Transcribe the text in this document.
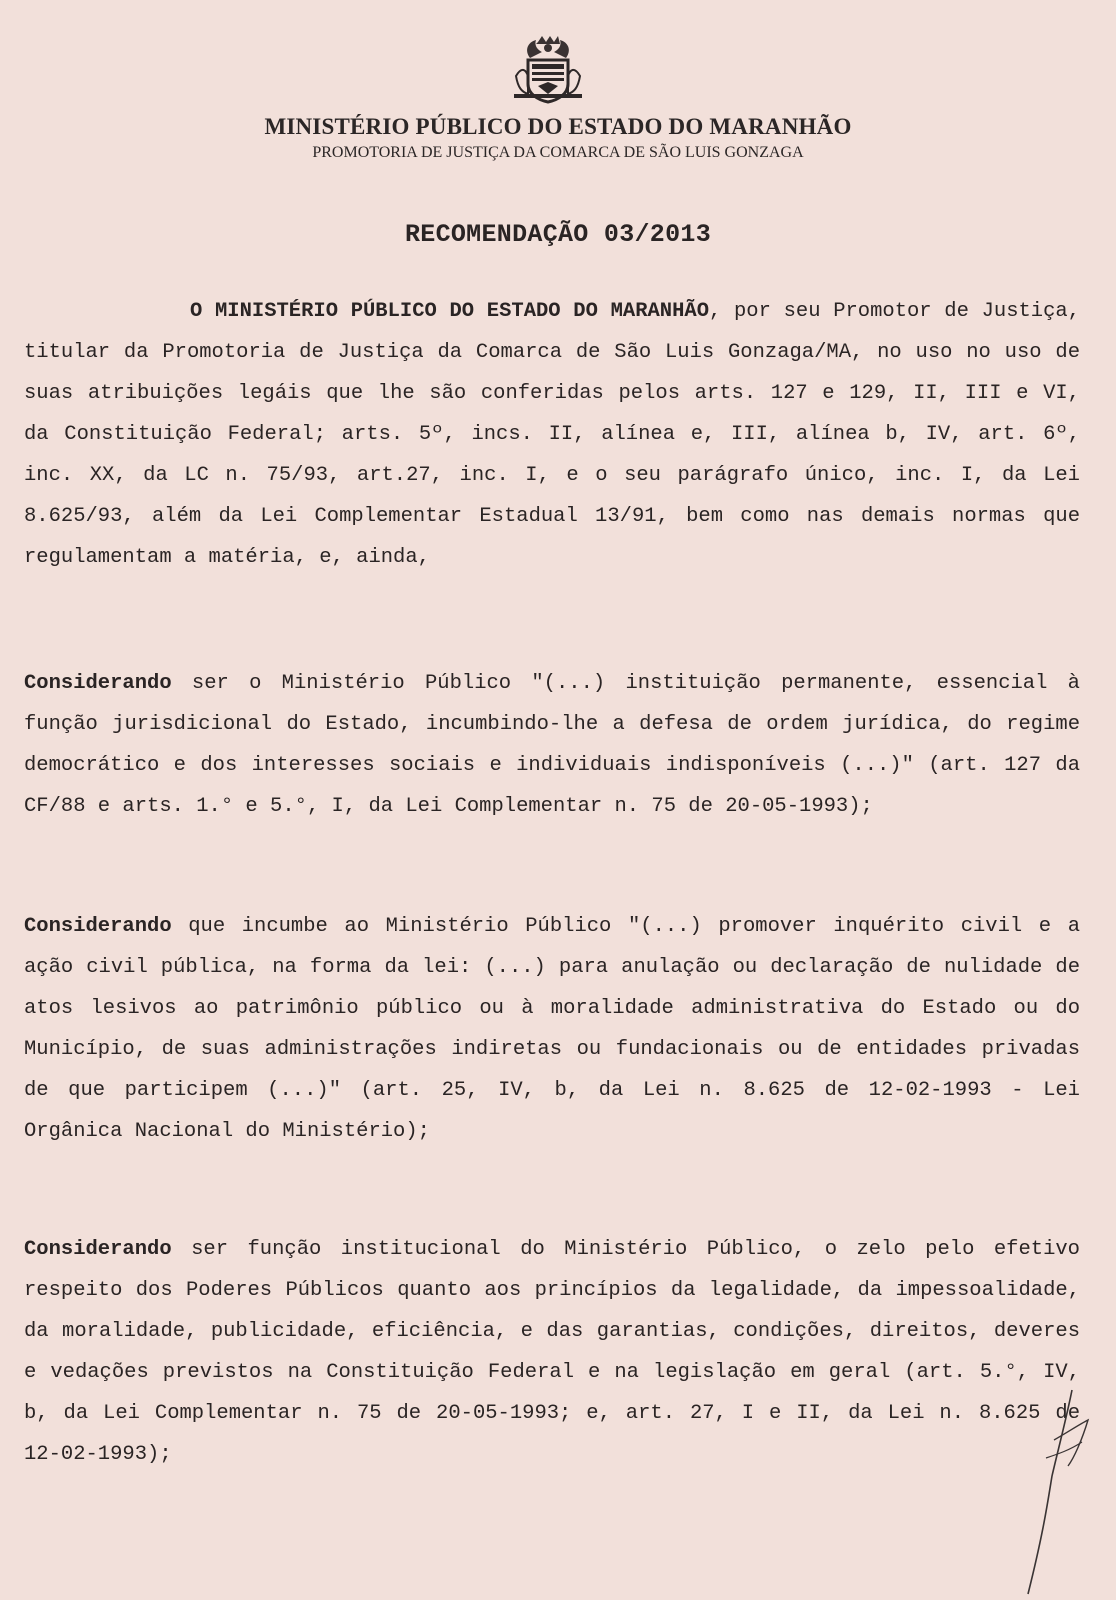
MINISTÉRIO PÚBLICO DO ESTADO DO MARANHÃO
PROMOTORIA DE JUSTIÇA DA COMARCA DE SÃO LUIS GONZAGA
RECOMENDAÇÃO 03/2013

O MINISTÉRIO PÚBLICO DO ESTADO DO MARANHÃO, por seu Promotor de Justiça, titular da Promotoria de Justiça da Comarca de São Luis Gonzaga/MA, no uso no uso de suas atribuições legáis que lhe são conferidas pelos arts. 127 e 129, II, III e VI, da Constituição Federal; arts. 5º, incs. II, alínea e, III, alínea b, IV, art. 6º, inc. XX, da LC n. 75/93, art.27, inc. I, e o seu parágrafo único, inc. I, da Lei 8.625/93, além da Lei Complementar Estadual 13/91, bem como nas demais normas que regulamentam a matéria, e, ainda,

Considerando ser o Ministério Público "(...) instituição permanente, essencial à função jurisdicional do Estado, incumbindo-lhe a defesa de ordem jurídica, do regime democrático e dos interesses sociais e individuais indisponíveis (...)" (art. 127 da CF/88 e arts. 1.° e 5.°, I, da Lei Complementar n. 75 de 20-05-1993);

Considerando que incumbe ao Ministério Público "(...) promover inquérito civil e a ação civil pública, na forma da lei: (...) para anulação ou declaração de nulidade de atos lesivos ao patrimônio público ou à moralidade administrativa do Estado ou do Município, de suas administrações indiretas ou fundacionais ou de entidades privadas de que participem (...)" (art. 25, IV, b, da Lei n. 8.625 de 12-02-1993 - Lei Orgânica Nacional do Ministério);

Considerando ser função institucional do Ministério Público, o zelo pelo efetivo respeito dos Poderes Públicos quanto aos princípios da legalidade, da impessoalidade, da moralidade, publicidade, eficiência, e das garantias, condições, direitos, deveres e vedações previstos na Constituição Federal e na legislação em geral (art. 5.°, IV, b, da Lei Complementar n. 75 de 20-05-1993; e, art. 27, I e II, da Lei n. 8.625 de 12-02-1993);
